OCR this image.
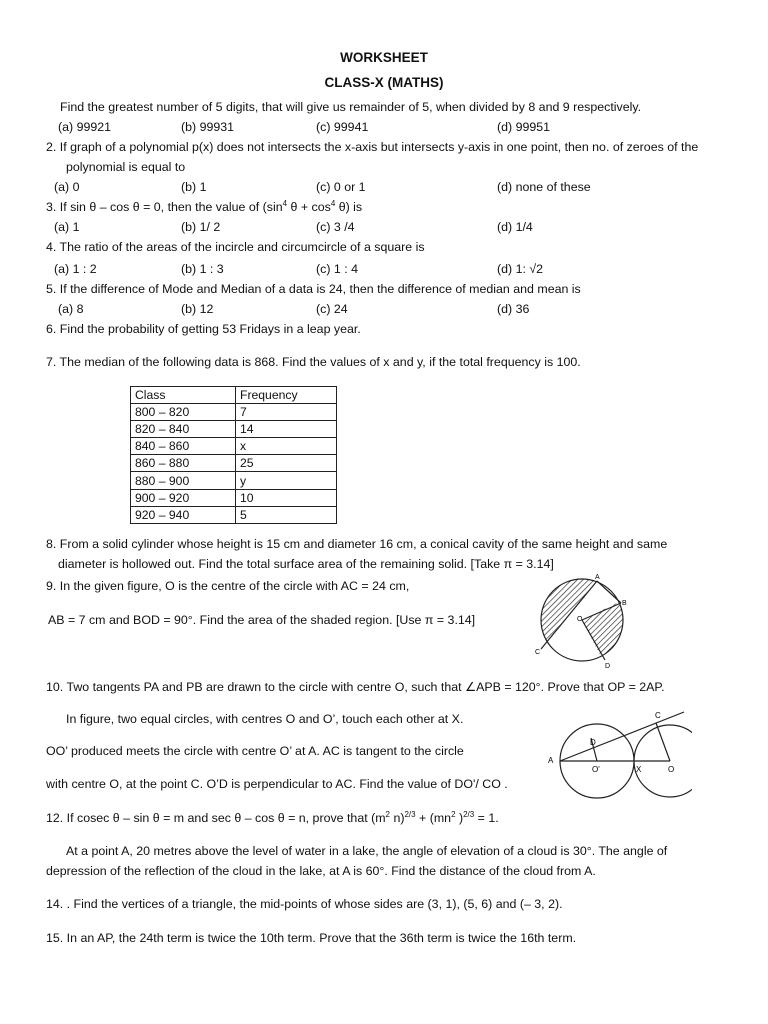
WORKSHEET
CLASS-X (MATHS)
Find the greatest number of 5 digits, that will give us remainder of 5, when divided by 8 and 9 respectively.
(a) 99921	(b) 99931	(c) 99941	(d) 99951
2. If graph of a polynomial p(x) does not intersects the x-axis but intersects y-axis in one point, then no. of zeroes of the
polynomial is equal to
(a) 0	(b) 1	(c) 0 or 1	(d) none of these
3. If sin θ – cos θ = 0, then the value of ($\sin^4$ $\theta + \cos^4 \theta$) is
(a) 1	(b) 1/ 2	(c) 3 /4	(d) 1/4
4. The ratio of the areas of the incircle and circumcircle of a square is
(a) 1 : 2	(b) 1 : 3	(c) 1 : 4	(d) 1: √2
5. If the difference of Mode and Median of a data is 24, then the difference of median and mean is
(a) 8	(b) 12	(c) 24	(d) 36
6. Find the probability of getting 53 Fridays in a leap year.
7. The median of the following data is 868. Find the values of x and y, if the total frequency is 100.
Class	Frequency
800 – 820	7
820 – 840	14
840 – 860	x
860 – 880	25
880 – 900	y
900 – 920	10
920 – 940	5
8. From a solid cylinder whose height is 15 cm and diameter 16 cm, a conical cavity of the same height and same
diameter is hollowed out. Find the total surface area of the remaining solid. [Take π = 3.14]
9. In the given figure, O is the centre of the circle with AC = 24 cm,
AB = 7 cm and BOD = 90°. Find the area of the shaded region. [Use π = 3.14]
A
B
C
D
O
10. Two tangents PA and PB are drawn to the circle with centre O, such that ∠APB = 120°. Prove that OP = 2AP.
In figure, two equal circles, with centres O and O’, touch each other at X.
OO’ produced meets the circle with centre O’ at A. AC is tangent to the circle
with centre O, at the point C. O’D is perpendicular to AC. Find the value of DO'/ CO .
A
C
D
O'	X	O
12. If cosec θ – sin θ = m and sec θ – cos θ = n, prove that ($m^2$ $n)^{2/3} + (mn^2$ )$^{2/3}$ = 1.
At a point A, 20 metres above the level of water in a lake, the angle of elevation of a cloud is 30°. The angle of
depression of the reflection of the cloud in the lake, at A is 60°. Find the distance of the cloud from A.
14. . Find the vertices of a triangle, the mid-points of whose sides are (3, 1), (5, 6) and (– 3, 2).
15. In an AP, the 24th term is twice the 10th term. Prove that the 36th term is twice the 16th term.
